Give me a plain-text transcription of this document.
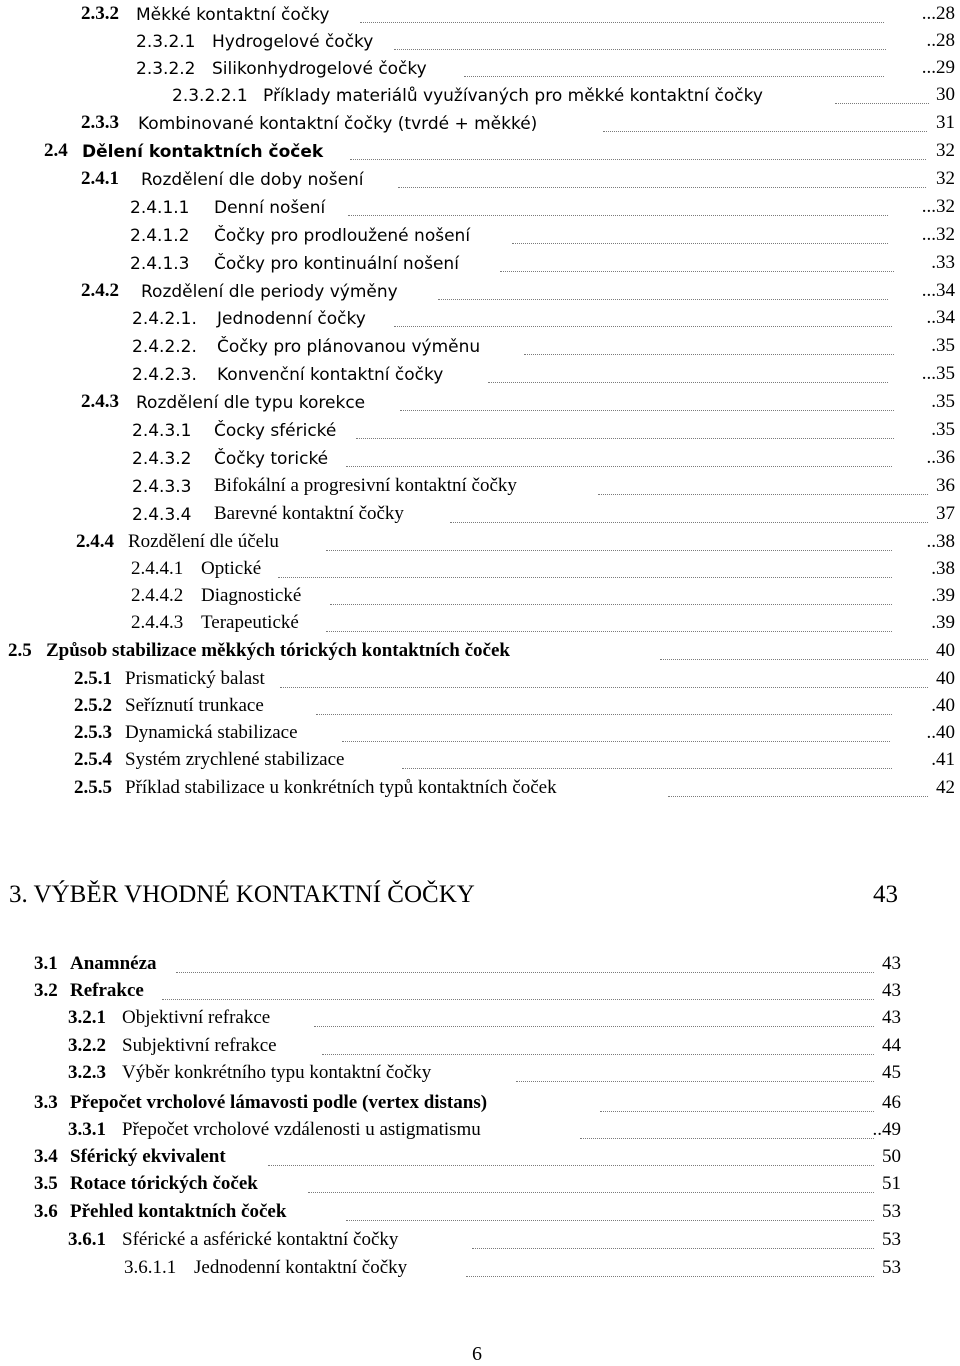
2.3.2 Měkké kontaktní čočky	...28
2.3.2.1 Hydrogelové čočky	..28
2.3.2.2 Silikonhydrogelové čočky	...29
2.3.2.2.1 Příklady materiálů využívaných pro měkké kontaktní čočky	30
2.3.3 Kombinované kontaktní čočky (tvrdé + měkké)	31
2.4 Dělení kontaktních čoček	32
2.4.1 Rozdělení dle doby nošení	32
2.4.1.1 Denní nošení	...32
2.4.1.2 Čočky pro prodloužené nošení	...32
2.4.1.3 Čočky pro kontinuální nošení	.33
2.4.2 Rozdělení dle periody výměny	...34
2.4.2.1. Jednodenní čočky	..34
2.4.2.2. Čočky pro plánovanou výměnu	.35
2.4.2.3. Konvenční kontaktní čočky	...35
2.4.3 Rozdělení dle typu korekce	.35
2.4.3.1 Čocky sférické	.35
2.4.3.2 Čočky torické	..36
2.4.3.3 Bifokální a progresivní kontaktní čočky	36
2.4.3.4 Barevné kontaktní čočky	37
2.4.4 Rozdělení dle účelu	..38
2.4.4.1 Optické	.38
2.4.4.2 Diagnostické	.39
2.4.4.3 Terapeutické	.39
2.5 Způsob stabilizace měkkých tórických kontaktních čoček	40
2.5.1 Prismatický balast	40
2.5.2 Seříznutí trunkace	.40
2.5.3 Dynamická stabilizace	..40
2.5.4 Systém zrychlené stabilizace	.41
2.5.5 Příklad stabilizace u konkrétních typů kontaktních čoček	42
3. VÝBĚR VHODNÉ KONTAKTNÍ ČOČKY	43
3.1 Anamnéza	43
3.2 Refrakce	43
3.2.1 Objektivní refrakce	43
3.2.2 Subjektivní refrakce	44
3.2.3 Výběr konkrétního typu kontaktní čočky	45
3.3 Přepočet vrcholové lámavosti podle (vertex distans)	46
3.3.1 Přepočet vrcholové vzdálenosti u astigmatismu	..49
3.4 Sférický ekvivalent	50
3.5 Rotace tórických čoček	51
3.6 Přehled kontaktních čoček	53
3.6.1 Sférické a asférické kontaktní čočky	53
3.6.1.1 Jednodenní kontaktní čočky	53
6
